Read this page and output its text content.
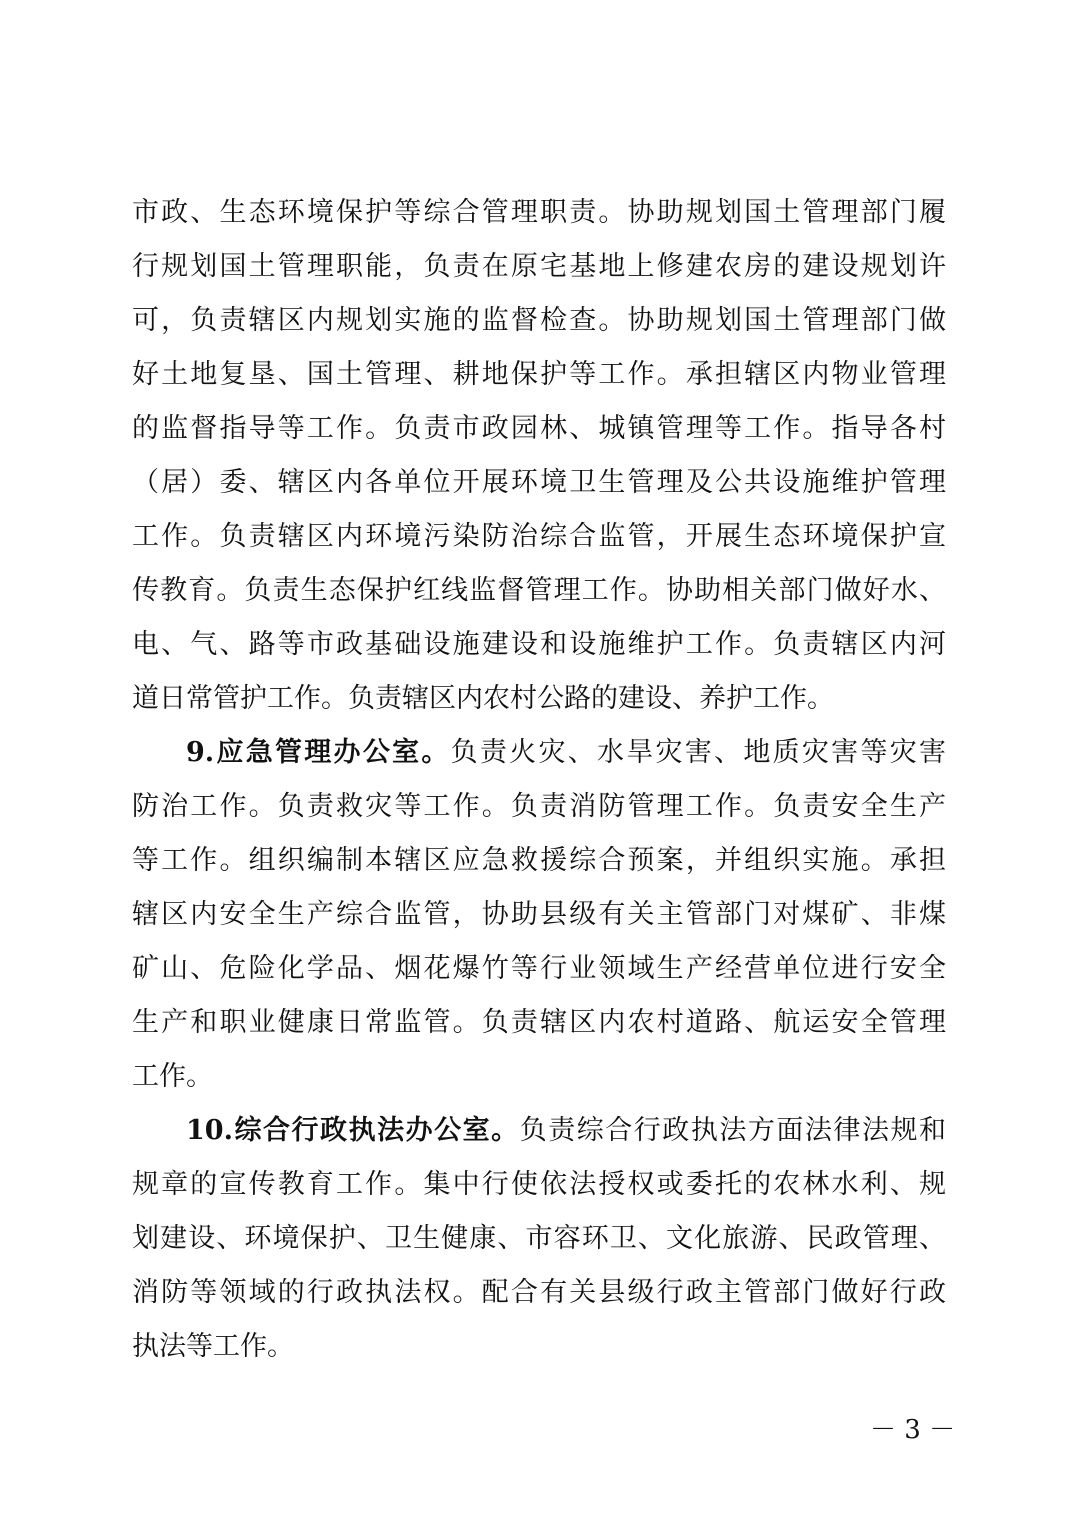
市政、生态环境保护等综合管理职责。协助规划国土管理部门履
行规划国土管理职能，负责在原宅基地上修建农房的建设规划许
可，负责辖区内规划实施的监督检查。协助规划国土管理部门做
好土地复垦、国土管理、耕地保护等工作。承担辖区内物业管理
的监督指导等工作。负责市政园林、城镇管理等工作。指导各村
（居）委、辖区内各单位开展环境卫生管理及公共设施维护管理
工作。负责辖区内环境污染防治综合监管，开展生态环境保护宣
传教育。负责生态保护红线监督管理工作。协助相关部门做好水、
电、气、路等市政基础设施建设和设施维护工作。负责辖区内河
道日常管护工作。负责辖区内农村公路的建设、养护工作。
9.应急管理办公室。负责火灾、水旱灾害、地质灾害等灾害
防治工作。负责救灾等工作。负责消防管理工作。负责安全生产
等工作。组织编制本辖区应急救援综合预案，并组织实施。承担
辖区内安全生产综合监管，协助县级有关主管部门对煤矿、非煤
矿山、危险化学品、烟花爆竹等行业领域生产经营单位进行安全
生产和职业健康日常监管。负责辖区内农村道路、航运安全管理
工作。
10.综合行政执法办公室。负责综合行政执法方面法律法规和
规章的宣传教育工作。集中行使依法授权或委托的农林水利、规
划建设、环境保护、卫生健康、市容环卫、文化旅游、民政管理、
消防等领域的行政执法权。配合有关县级行政主管部门做好行政
执法等工作。
－ 3 －
